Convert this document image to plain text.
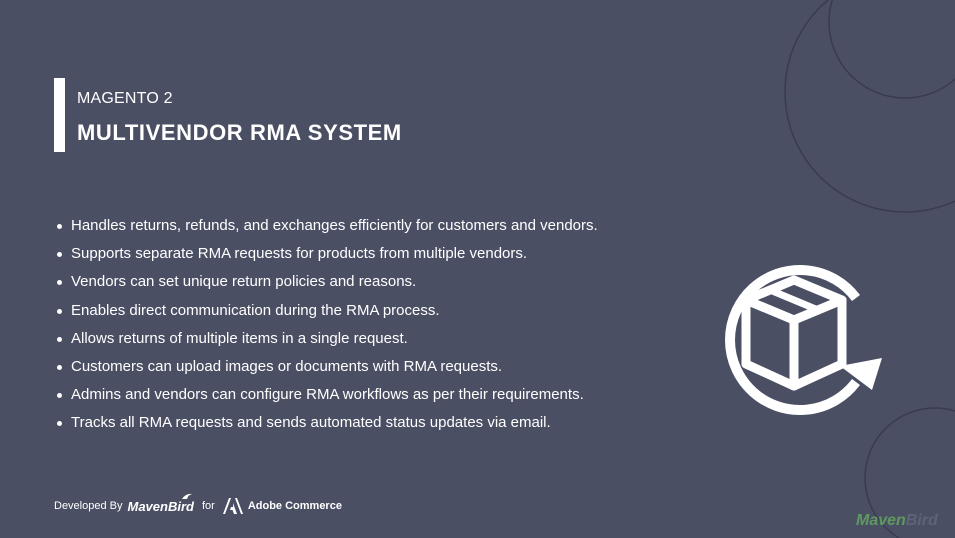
MAGENTO 2
MULTIVENDOR RMA SYSTEM
Handles returns, refunds, and exchanges efficiently for customers and vendors.
Supports separate RMA requests for products from multiple vendors.
Vendors can set unique return policies and reasons.
Enables direct communication during the RMA process.
Allows returns of multiple items in a single request.
Customers can upload images or documents with RMA requests.
Admins and vendors can configure RMA workflows as per their requirements.
Tracks all RMA requests and sends automated status updates via email.
Developed By MavenBird for	Adobe Commerce
MavenBird
